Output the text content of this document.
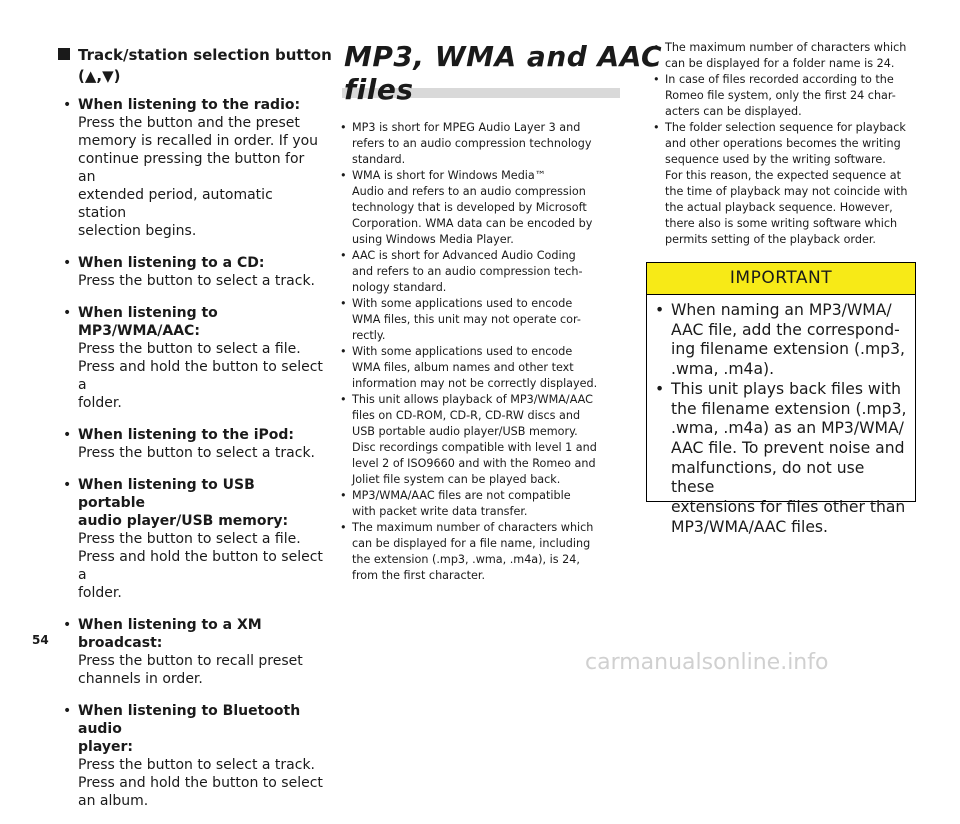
Track/station selection button
(▲,▼)
• When listening to the radio:
Press the button and the preset
memory is recalled in order. If you
continue pressing the button for an
extended period, automatic station
selection begins.
• When listening to a CD:
Press the button to select a track.
• When listening to MP3/WMA/AAC:
Press the button to select a file.
Press and hold the button to select a
folder.
• When listening to the iPod:
Press the button to select a track.
• When listening to USB portable
audio player/USB memory:
Press the button to select a file.
Press and hold the button to select a
folder.
• When listening to a XM broadcast:
Press the button to recall preset
channels in order.
• When listening to Bluetooth audio
player:
Press the button to select a track.
Press and hold the button to select
an album.
MP3, WMA and AAC
files
• MP3 is short for MPEG Audio Layer 3 and
refers to an audio compression technology
standard.
• WMA is short for Windows Media™
Audio and refers to an audio compression
technology that is developed by Microsoft
Corporation. WMA data can be encoded by
using Windows Media Player.
• AAC is short for Advanced Audio Coding
and refers to an audio compression tech-
nology standard.
• With some applications used to encode
WMA files, this unit may not operate cor-
rectly.
• With some applications used to encode
WMA files, album names and other text
information may not be correctly displayed.
• This unit allows playback of MP3/WMA/AAC
files on CD-ROM, CD-R, CD-RW discs and
USB portable audio player/USB memory.
Disc recordings compatible with level 1 and
level 2 of ISO9660 and with the Romeo and
Joliet file system can be played back.
• MP3/WMA/AAC files are not compatible
with packet write data transfer.
• The maximum number of characters which
can be displayed for a file name, including
the extension (.mp3, .wma, .m4a), is 24,
from the first character.
• The maximum number of characters which
can be displayed for a folder name is 24.
• In case of files recorded according to the
Romeo file system, only the first 24 char-
acters can be displayed.
• The folder selection sequence for playback
and other operations becomes the writing
sequence used by the writing software.
For this reason, the expected sequence at
the time of playback may not coincide with
the actual playback sequence. However,
there also is some writing software which
permits setting of the playback order.
IMPORTANT
• When naming an MP3/WMA/
AAC file, add the correspond-
ing filename extension (.mp3,
.wma, .m4a).
• This unit plays back files with
the filename extension (.mp3,
.wma, .m4a) as an MP3/WMA/
AAC file. To prevent noise and
malfunctions, do not use these
extensions for files other than
MP3/WMA/AAC files.
54
carmanualsonline.info
